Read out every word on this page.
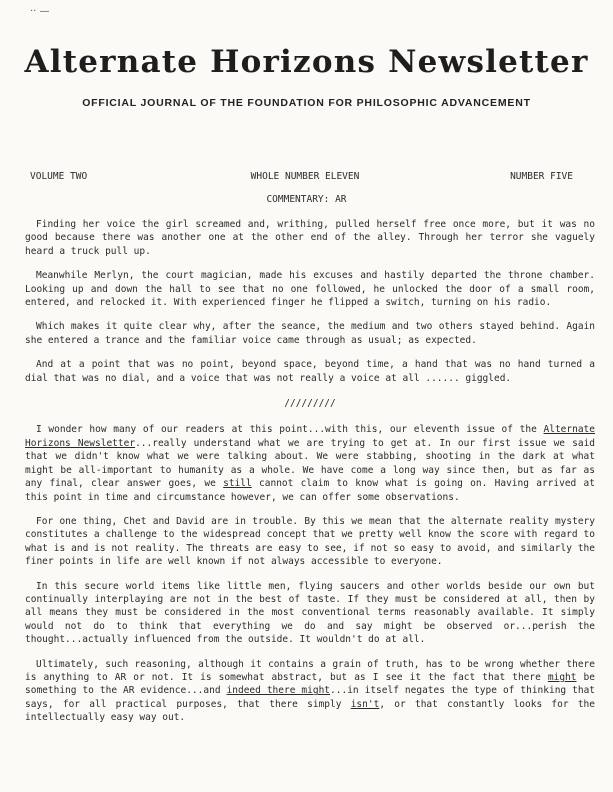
·· —
Alternate Horizons Newsletter
OFFICIAL JOURNAL OF THE FOUNDATION FOR PHILOSOPHIC ADVANCEMENT
VOLUME TWO	WHOLE NUMBER ELEVEN	NUMBER FIVE
COMMENTARY: AR

Finding her voice the girl screamed and, writhing, pulled herself free once more, but it was no good because there was another one at the other end of the alley. Through her terror she vaguely heard a truck pull up.

Meanwhile Merlyn, the court magician, made his excuses and hastily departed the throne chamber. Looking up and down the hall to see that no one followed, he unlocked the door of a small room, entered, and relocked it. With experienced finger he flipped a switch, turning on his radio.

Which makes it quite clear why, after the seance, the medium and two others stayed behind. Again she entered a trance and the familiar voice came through as usual; as expected.

And at a point that was no point, beyond space, beyond time, a hand that was no hand turned a dial that was no dial, and a voice that was not really a voice at all ...... giggled.

/////////

I wonder how many of our readers at this point...with this, our eleventh issue of the Alternate Horizons Newsletter...really understand what we are trying to get at. In our first issue we said that we didn't know what we were talking about. We were stabbing, shooting in the dark at what might be all-important to humanity as a whole. We have come a long way since then, but as far as any final, clear answer goes, we still cannot claim to know what is going on. Having arrived at this point in time and circumstance however, we can offer some observations.

For one thing, Chet and David are in trouble. By this we mean that the alternate reality mystery constitutes a challenge to the widespread concept that we pretty well know the score with regard to what is and is not reality. The threats are easy to see, if not so easy to avoid, and similarly the finer points in life are well known if not always accessible to everyone.

In this secure world items like little men, flying saucers and other worlds beside our own but continually interplaying are not in the best of taste. If they must be considered at all, then by all means they must be considered in the most conventional terms reasonably available. It simply would not do to think that everything we do and say might be observed or...perish the thought...actually influenced from the outside. It wouldn't do at all.

Ultimately, such reasoning, although it contains a grain of truth, has to be wrong whether there is anything to AR or not. It is somewhat abstract, but as I see it the fact that there might be something to the AR evidence...and indeed there might...in itself negates the type of thinking that says, for all practical purposes, that there simply isn't, or that constantly looks for the intellectually easy way out.
